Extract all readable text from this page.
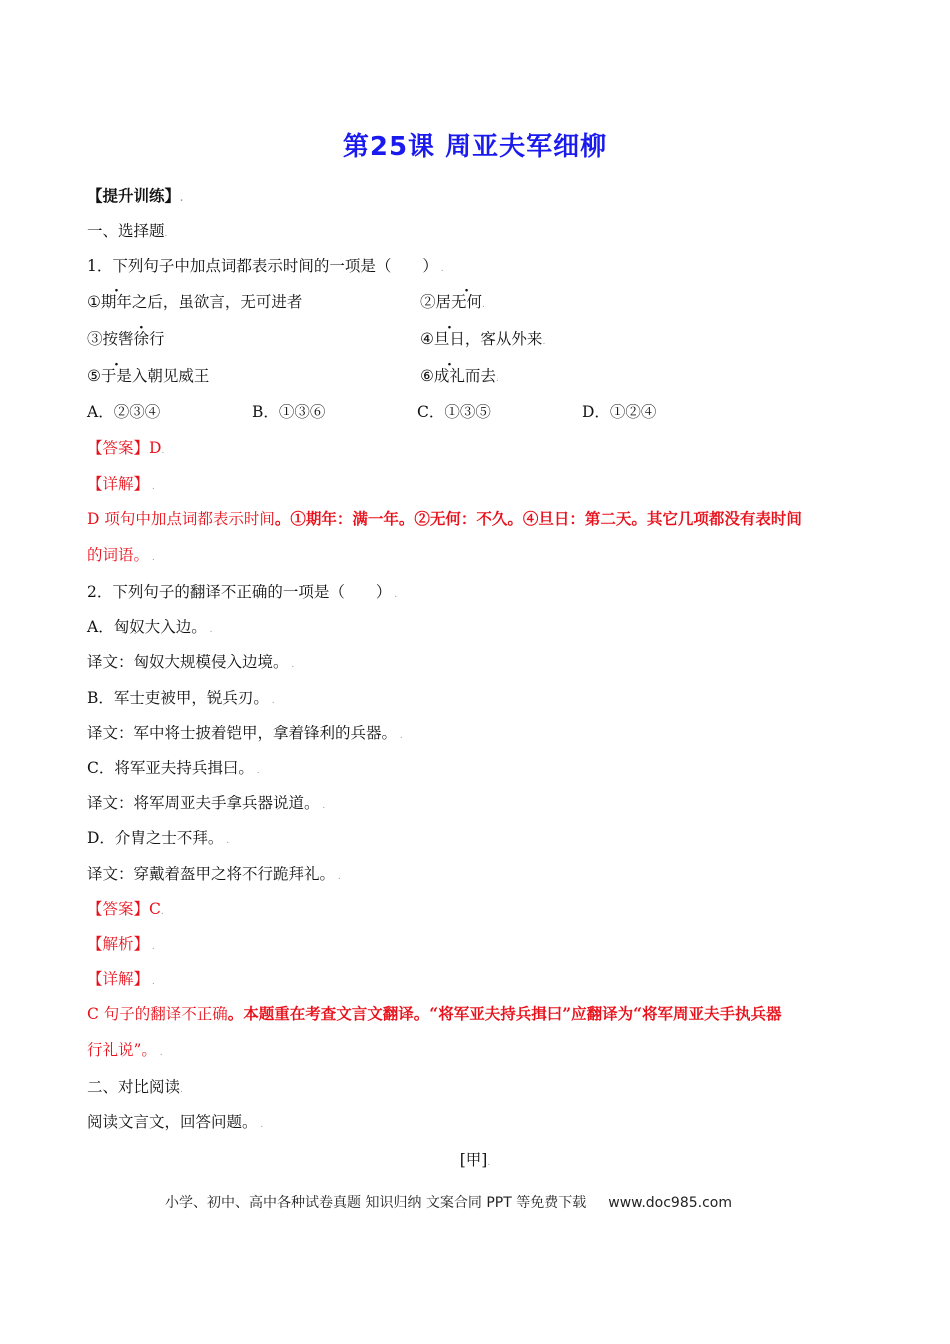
第25课 周亚夫军细柳
【提升训练】.
一、选择题.
1．下列句子中加点词都表示时间的一项是（　　） .
①期年之后，虽欲言，无可进者	②居无何.
③按辔徐行	④旦日，客从外来.
⑤于是入朝见威王	⑥成礼而去.
A．②③④	B．①③⑥	C．①③⑤	D．①②④
【答案】D.
【详解】 .
D 项句中加点词都表示时间。①期年：满一年。②无何：不久。④旦日：第二天。其它几项都没有表时间
的词语。 .
2．下列句子的翻译不正确的一项是（　　） .
A．匈奴大入边。 .
译文：匈奴大规模侵入边境。 .
B．军士吏被甲，锐兵刃。 .
译文：军中将士披着铠甲，拿着锋利的兵器。 .
C．将军亚夫持兵揖曰。 .
译文：将军周亚夫手拿兵器说道。 .
D．介胄之士不拜。 .
译文：穿戴着盔甲之将不行跪拜礼。 .
【答案】C.
【解析】 .
【详解】 .
C 句子的翻译不正确。本题重在考查文言文翻译。“将军亚夫持兵揖曰”应翻译为“将军周亚夫手执兵器
行礼说”。 .
二、对比阅读.
阅读文言文，回答问题。 .
[甲].
小学、初中、高中各种试卷真题 知识归纳 文案合同 PPT 等免费下载 www.doc985.com
